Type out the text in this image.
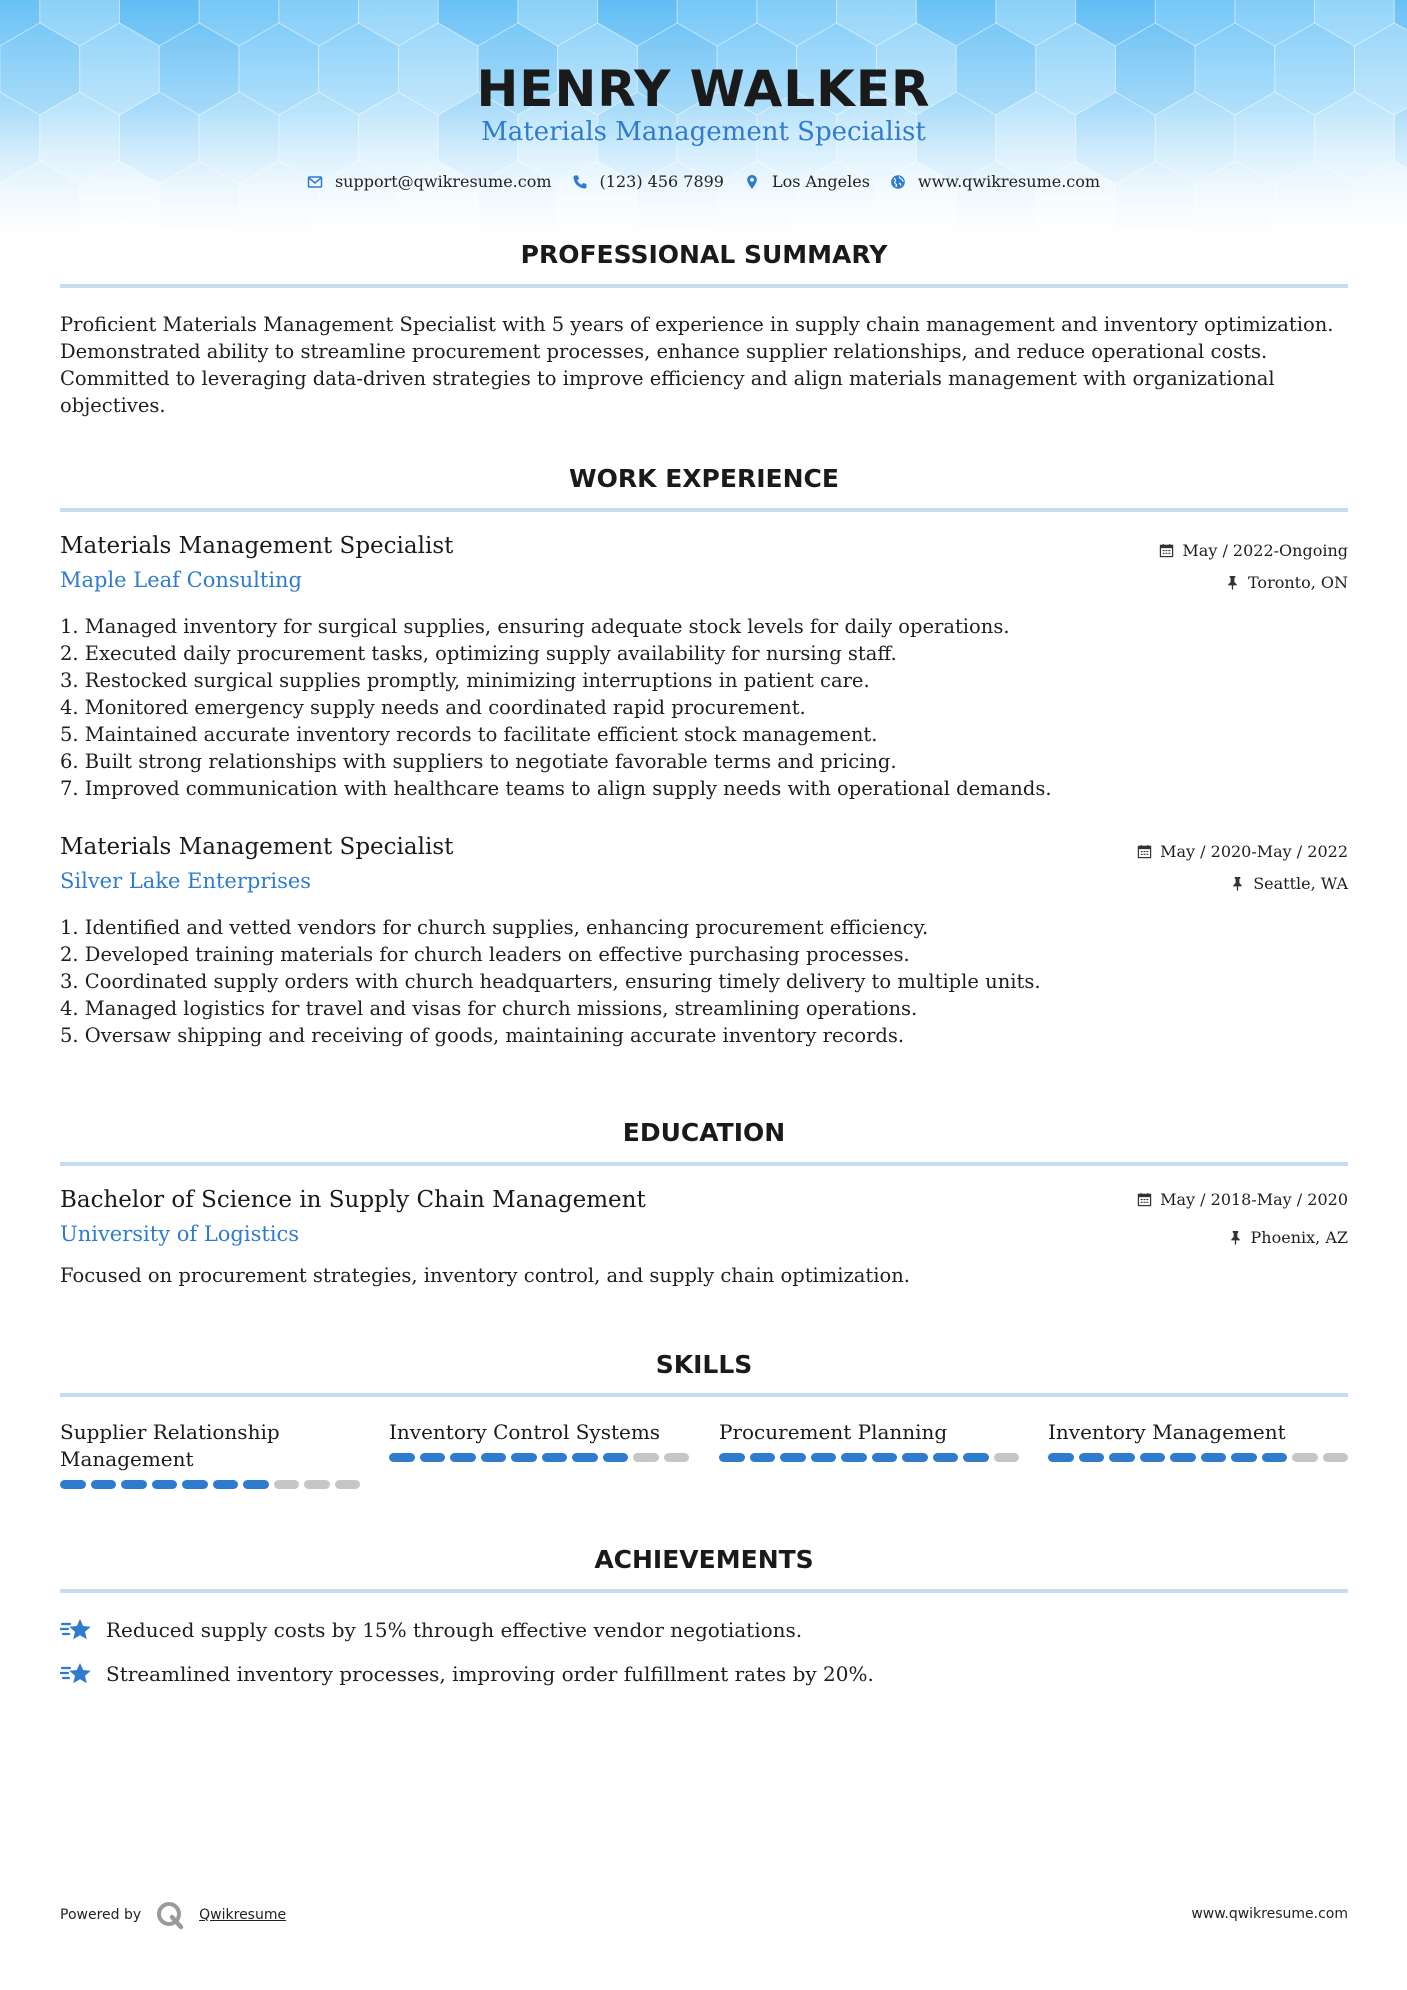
HENRY WALKER
Materials Management Specialist
support@qwikresume.com	(123) 456 7899	Los Angeles	www.qwikresume.com
PROFESSIONAL SUMMARY
Proficient Materials Management Specialist with 5 years of experience in supply chain management and inventory optimization. Demonstrated ability to streamline procurement processes, enhance supplier relationships, and reduce operational costs. Committed to leveraging data-driven strategies to improve efficiency and align materials management with organizational objectives.
WORK EXPERIENCE
Materials Management Specialist
Maple Leaf Consulting
May / 2022-Ongoing
Toronto, ON
1. Managed inventory for surgical supplies, ensuring adequate stock levels for daily operations.
2. Executed daily procurement tasks, optimizing supply availability for nursing staff.
3. Restocked surgical supplies promptly, minimizing interruptions in patient care.
4. Monitored emergency supply needs and coordinated rapid procurement.
5. Maintained accurate inventory records to facilitate efficient stock management.
6. Built strong relationships with suppliers to negotiate favorable terms and pricing.
7. Improved communication with healthcare teams to align supply needs with operational demands.
Materials Management Specialist
Silver Lake Enterprises
May / 2020-May / 2022
Seattle, WA
1. Identified and vetted vendors for church supplies, enhancing procurement efficiency.
2. Developed training materials for church leaders on effective purchasing processes.
3. Coordinated supply orders with church headquarters, ensuring timely delivery to multiple units.
4. Managed logistics for travel and visas for church missions, streamlining operations.
5. Oversaw shipping and receiving of goods, maintaining accurate inventory records.
EDUCATION
Bachelor of Science in Supply Chain Management
University of Logistics
May / 2018-May / 2020
Phoenix, AZ
Focused on procurement strategies, inventory control, and supply chain optimization.
SKILLS
Supplier Relationship
Management
Inventory Control Systems	Procurement Planning	Inventory Management
ACHIEVEMENTS
Reduced supply costs by 15% through effective vendor negotiations.
Streamlined inventory processes, improving order fulfillment rates by 20%.
Powered by	Qwikresume	www.qwikresume.com
